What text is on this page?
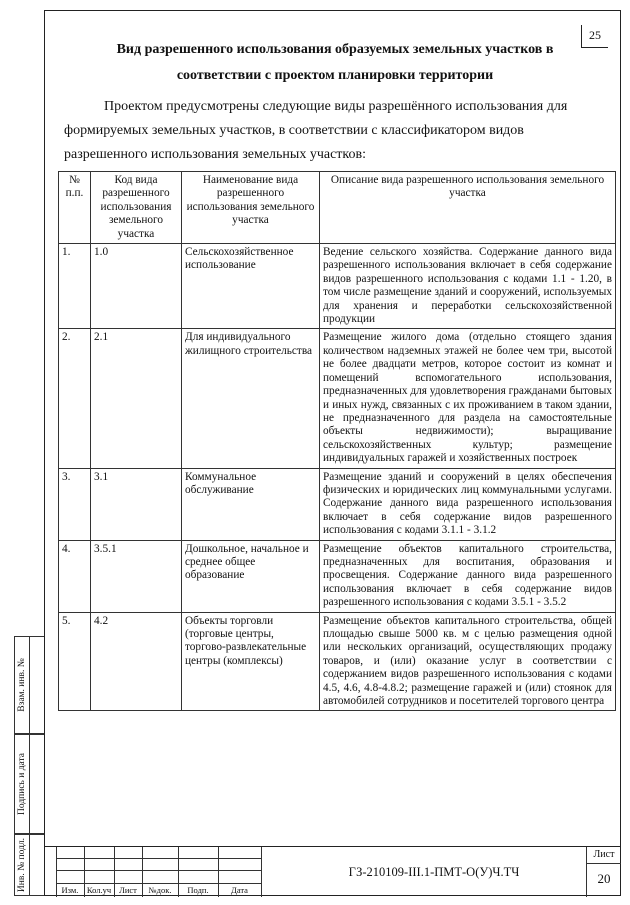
25
Вид разрешенного использования образуемых земельных участков в
соответствии с проектом планировки территории
Проектом предусмотрены следующие виды разрешённого использования для
формируемых земельных участков, в соответствии с классификатором видов
разрешенного использования земельных участков:
№ п.п.	Код вида разрешенного использования земельного участка	Наименование вида разрешенного использования земельного участка	Описание вида разрешенного использования земельного участка
1.	1.0	Сельскохозяйственное использование	Ведение сельского хозяйства. Содержание данного вида разрешенного использования включает в себя содержание видов разрешенного использования с кодами 1.1 - 1.20, в том числе размещение зданий и сооружений, используемых для хранения и переработки сельскохозяйственной продукции
2.	2.1	Для индивидуального жилищного строительства	Размещение жилого дома (отдельно стоящего здания количеством надземных этажей не более чем три, высотой не более двадцати метров, которое состоит из комнат и помещений вспомогательного использования, предназначенных для удовлетворения гражданами бытовых и иных нужд, связанных с их проживанием в таком здании, не предназначенного для раздела на самостоятельные объекты недвижимости); выращивание сельскохозяйственных культур; размещение индивидуальных гаражей и хозяйственных построек
3.	3.1	Коммунальное обслуживание	Размещение зданий и сооружений в целях обеспечения физических и юридических лиц коммунальными услугами. Содержание данного вида разрешенного использования включает в себя содержание видов разрешенного использования с кодами 3.1.1 - 3.1.2
4.	3.5.1	Дошкольное, начальное и среднее общее образование	Размещение объектов капитального строительства, предназначенных для воспитания, образования и просвещения. Содержание данного вида разрешенного использования включает в себя содержание видов разрешенного использования с кодами 3.5.1 - 3.5.2
5.	4.2	Объекты торговли (торговые центры, торгово-развлекательные центры (комплексы)	Размещение объектов капитального строительства, общей площадью свыше 5000 кв. м с целью размещения одной или нескольких организаций, осуществляющих продажу товаров, и (или) оказание услуг в соответствии с содержанием видов разрешенного использования с кодами 4.5, 4.6, 4.8-4.8.2; размещение гаражей и (или) стоянок для автомобилей сотрудников и посетителей торгового центра
Взам. инв. №
Подпись и дата
Инв. № подл.	Изм. Кол.уч Лист	№док.	Подп.	Дата
ГЗ-210109-III.1-ПМТ-О(У)Ч.ТЧ
Лист
20
